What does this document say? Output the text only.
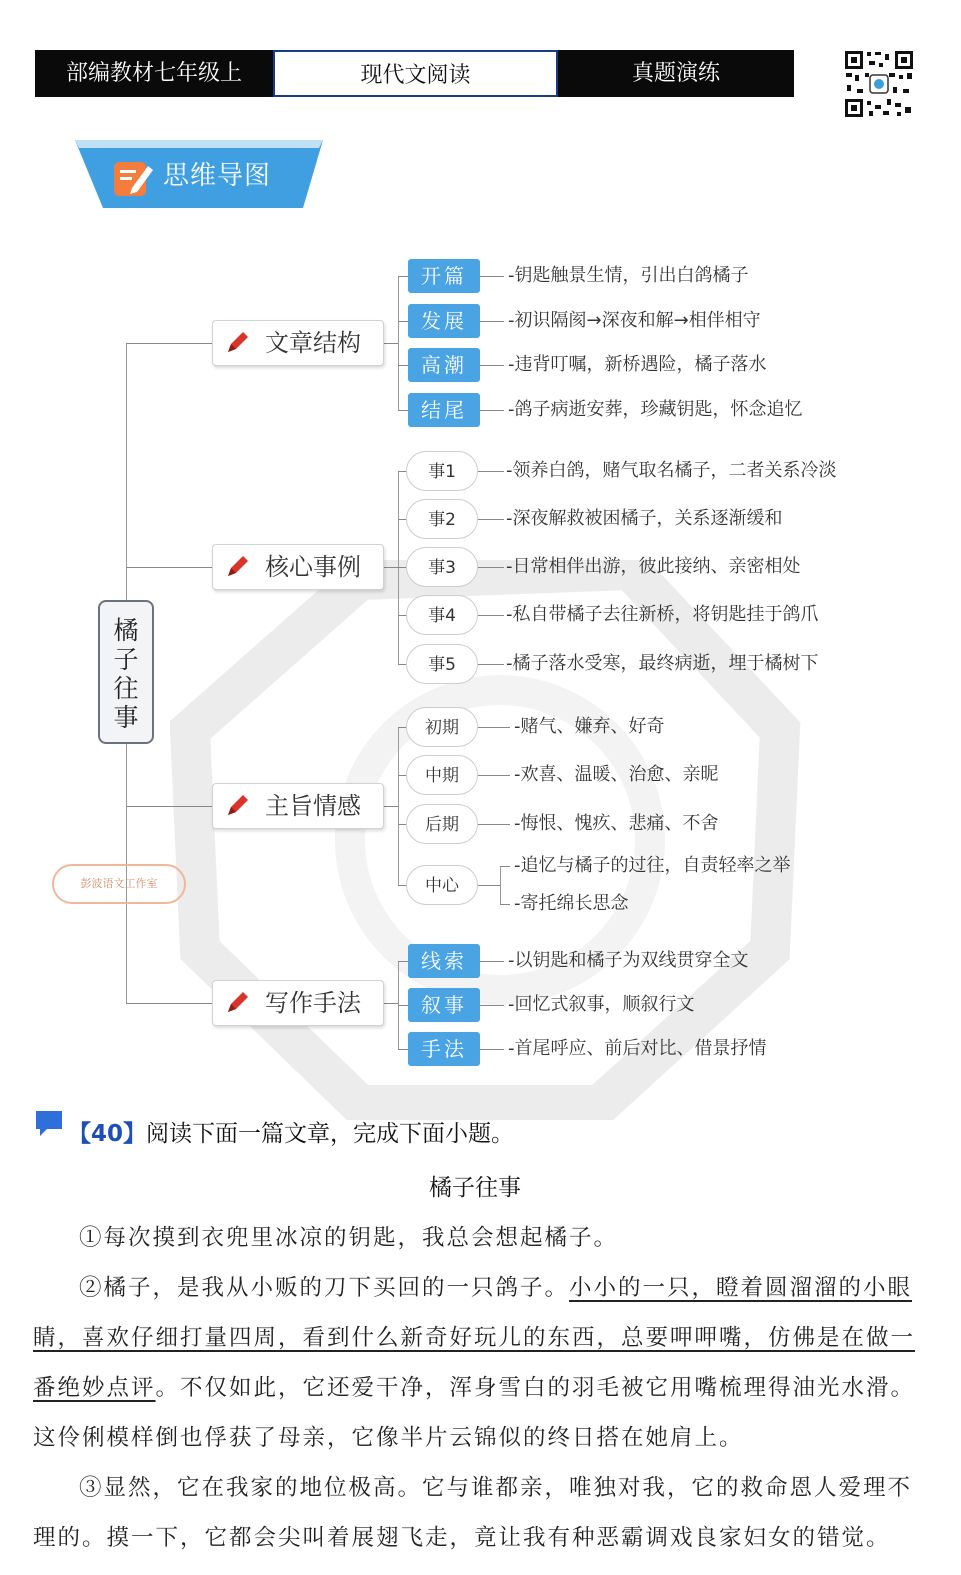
部编教材七年级上	现代文阅读	真题演练
思维导图
橘子往事
彭波语文工作室
文章结构
核心事例
主旨情感
写作手法
开篇
发展
高潮
结尾
-钥匙触景生情，引出白鸽橘子
-初识隔阂→深夜和解→相伴相守
-违背叮嘱，新桥遇险，橘子落水
-鸽子病逝安葬，珍藏钥匙，怀念追忆
事1
事2
事3
事4
事5
-领养白鸽，赌气取名橘子，二者关系冷淡
-深夜解救被困橘子，关系逐渐缓和
-日常相伴出游，彼此接纳、亲密相处
-私自带橘子去往新桥，将钥匙挂于鸽爪
-橘子落水受寒，最终病逝，埋于橘树下
初期
中期
后期
中心
-赌气、嫌弃、好奇
-欢喜、温暖、治愈、亲昵
-悔恨、愧疚、悲痛、不舍
-追忆与橘子的过往，自责轻率之举
-寄托绵长思念
线索
叙事
手法
-以钥匙和橘子为双线贯穿全文
-回忆式叙事，顺叙行文
-首尾呼应、前后对比、借景抒情
【40】阅读下面一篇文章，完成下面小题。
橘子往事
①每次摸到衣兜里冰凉的钥匙，我总会想起橘子。
②橘子，是我从小贩的刀下买回的一只鸽子。小小的一只，瞪着圆溜溜的小眼睛，喜欢仔细打量四周，看到什么新奇好玩儿的东西，总要呷呷嘴，仿佛是在做一番绝妙点评。不仅如此，它还爱干净，浑身雪白的羽毛被它用嘴梳理得油光水滑。这伶俐模样倒也俘获了母亲，它像半片云锦似的终日搭在她肩上。
③显然，它在我家的地位极高。它与谁都亲，唯独对我，它的救命恩人爱理不理的。摸一下，它都会尖叫着展翅飞走，竟让我有种恶霸调戏良家妇女的错觉。
